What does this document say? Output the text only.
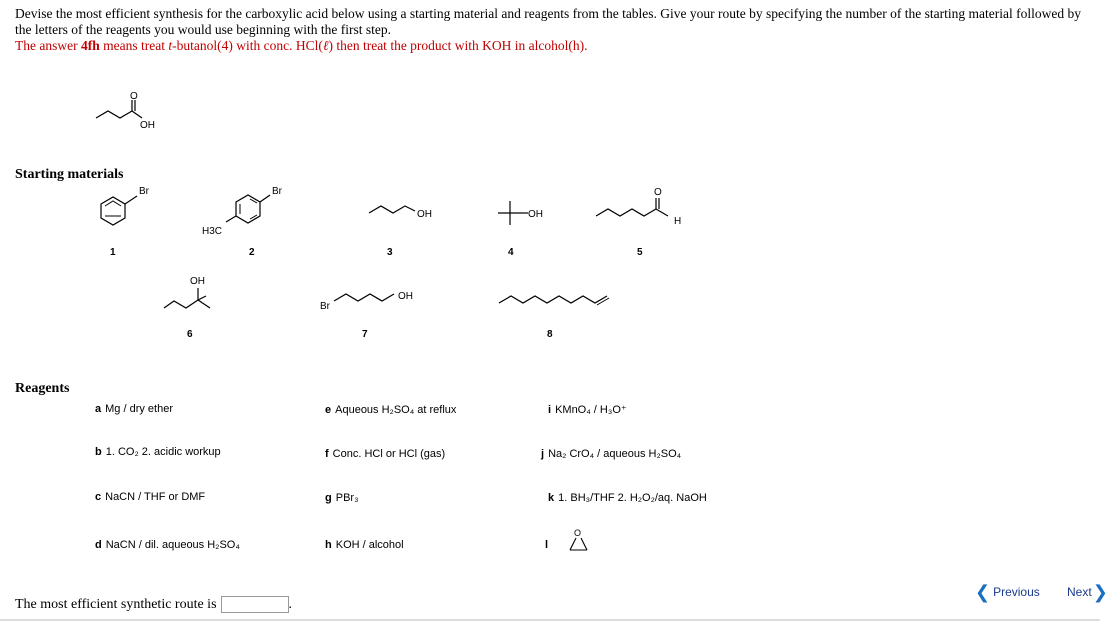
Devise the most efficient synthesis for the carboxylic acid below using a starting material and reagents from the tables. Give your route by specifying the number of the starting material followed by the letters of the reagents you would use beginning with the first step.
The answer 4fh means treat t-butanol(4) with conc. HCl(ℓ) then treat the product with KOH in alcohol(h).
O
OH
Starting materials
Br
1
Br
H3C
2
OH
3
OH
4
O
H
5
OH
6
Br
OH
7	8
Reagents
a Mg / dry ether
b 1. CO₂ 2. acidic workup
c NaCN / THF or DMF
d NaCN / dil. aqueous H₂SO₄
e Aqueous H₂SO₄ at reflux
f Conc. HCl or HCl (gas)
g PBr₃
h KOH / alcohol
i KMnO₄ / H₃O⁺
j Na₂ CrO₄ / aqueous H₂SO₄
k 1. BH₃/THF 2. H₂O₂/aq. NaOH
l
O
The most efficient synthetic route is	.
❮ Previous Next ❯
